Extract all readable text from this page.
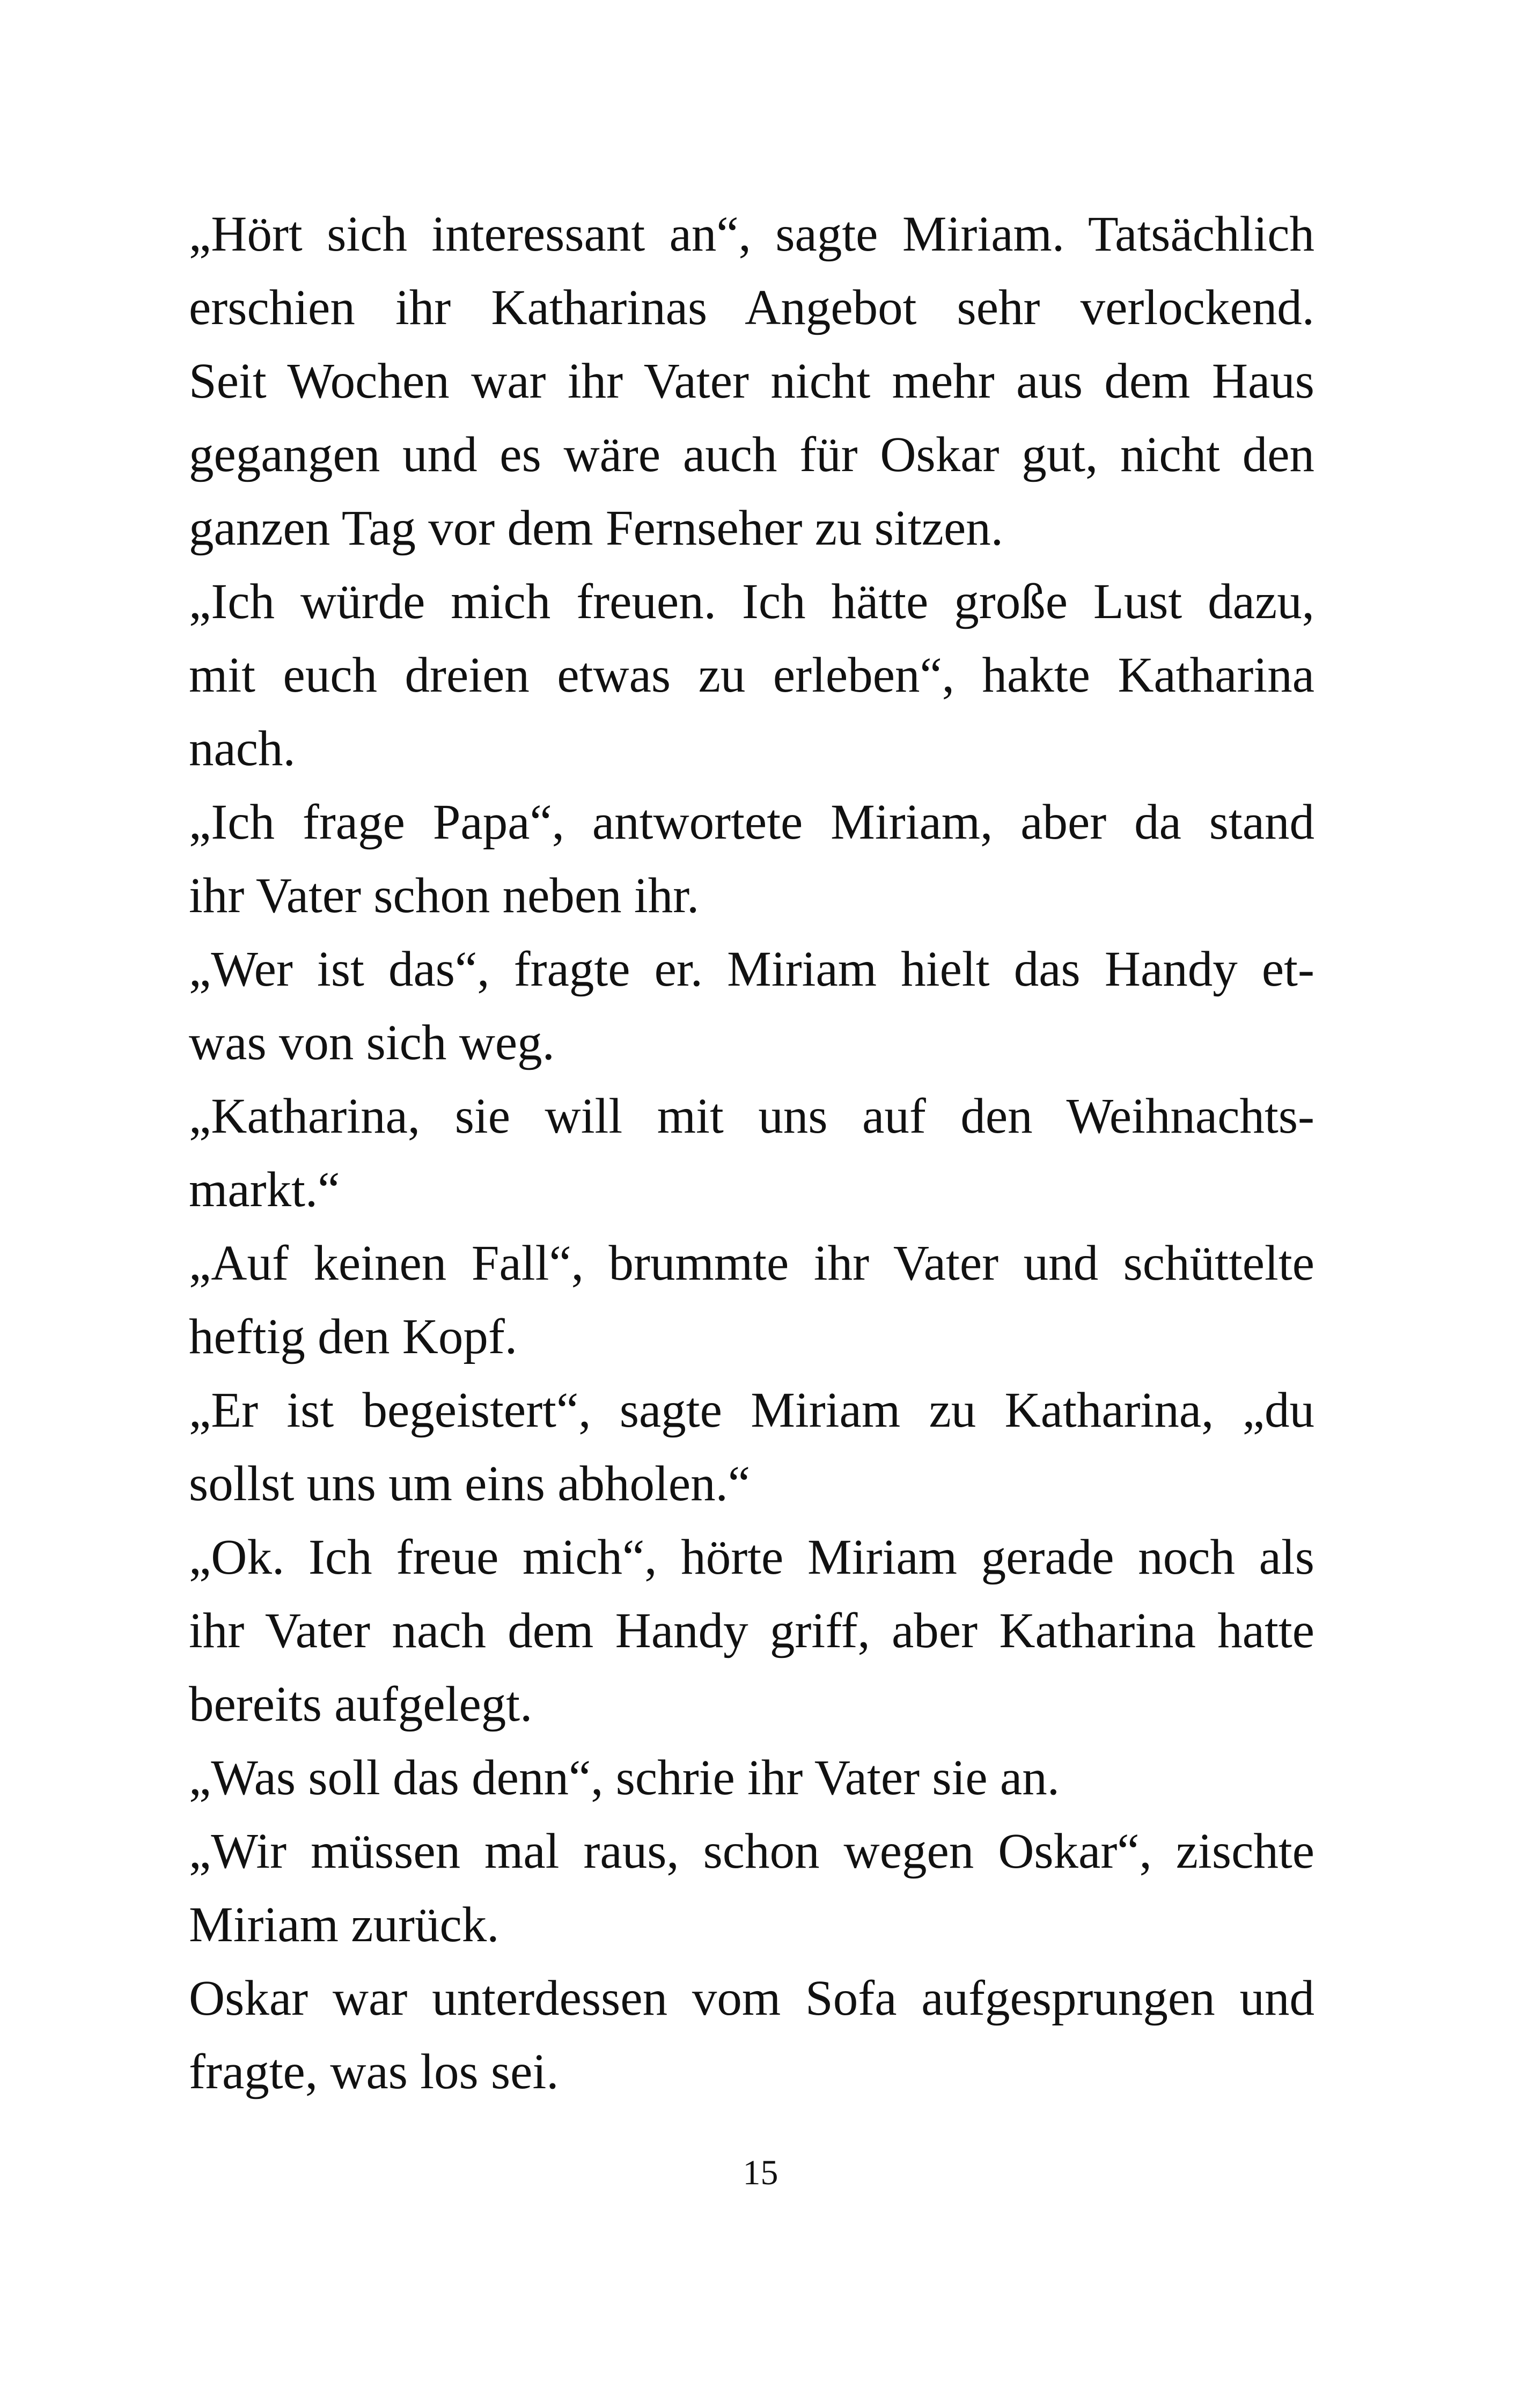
„Hört sich interessant an“, sagte Miriam. Tatsächlich
erschien ihr Katharinas Angebot sehr verlockend.
Seit Wochen war ihr Vater nicht mehr aus dem Haus
gegangen und es wäre auch für Oskar gut, nicht den
ganzen Tag vor dem Fernseher zu sitzen.
„Ich würde mich freuen. Ich hätte große Lust dazu,
mit euch dreien etwas zu erleben“, hakte Katharina
nach.
„Ich frage Papa“, antwortete Miriam, aber da stand
ihr Vater schon neben ihr.
„Wer ist das“, fragte er. Miriam hielt das Handy et-
was von sich weg.
„Katharina, sie will mit uns auf den Weihnachts-
markt.“
„Auf keinen Fall“, brummte ihr Vater und schüttelte
heftig den Kopf.
„Er ist begeistert“, sagte Miriam zu Katharina, „du
sollst uns um eins abholen.“
„Ok. Ich freue mich“, hörte Miriam gerade noch als
ihr Vater nach dem Handy griff, aber Katharina hatte
bereits aufgelegt.
„Was soll das denn“, schrie ihr Vater sie an.
„Wir müssen mal raus, schon wegen Oskar“, zischte
Miriam zurück.
Oskar war unterdessen vom Sofa aufgesprungen und
fragte, was los sei.
15
